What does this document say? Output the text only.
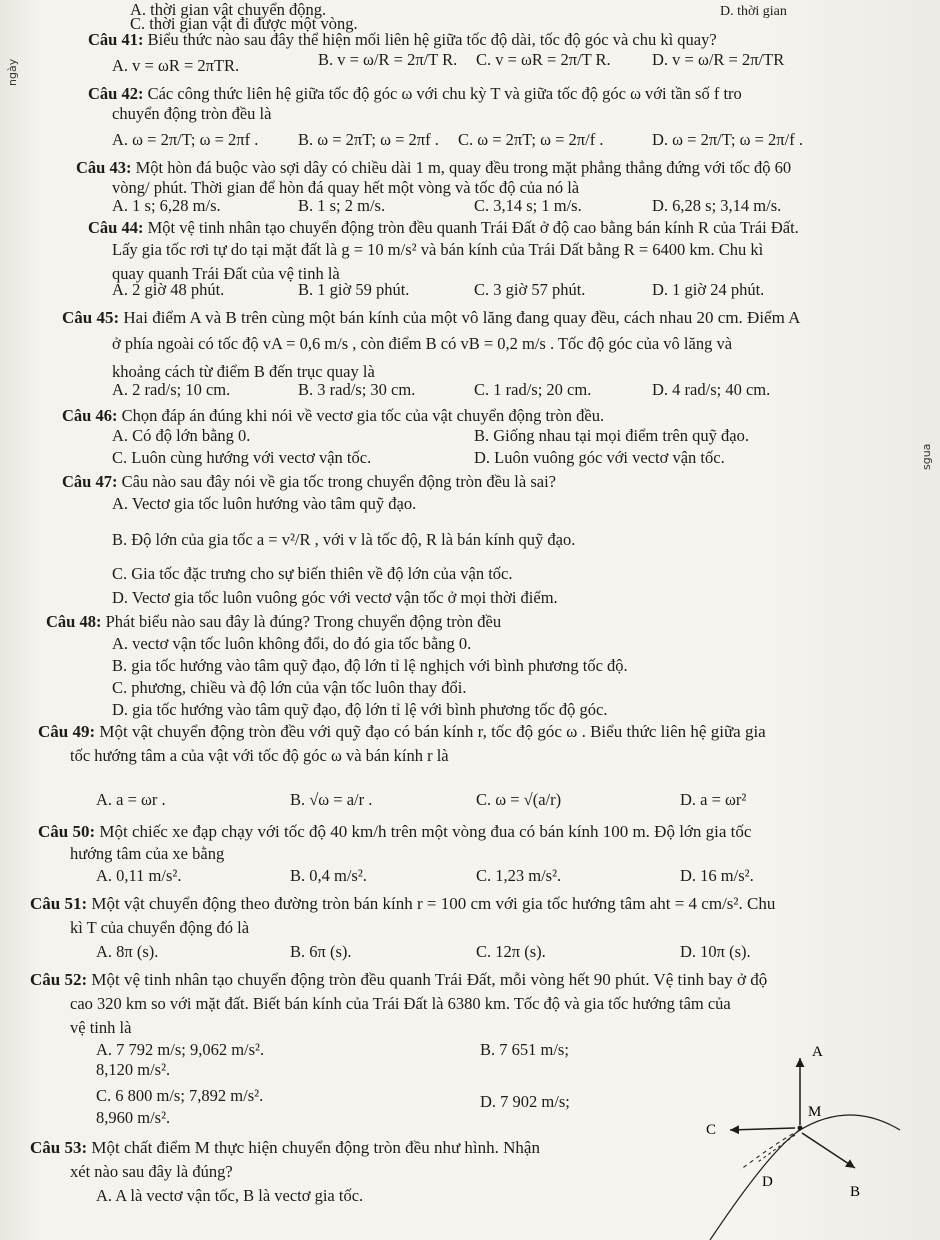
A. thời gian vật chuyển động.	D. thời gian
C. thời gian vật đi được một vòng.
Câu 41: Biểu thức nào sau đây thể hiện mối liên hệ giữa tốc độ dài, tốc độ góc và chu kì quay?
A. v = ωR = 2πTR.	B. v = ω/R = 2π/T R. C. v = ωR = 2π/T R.	D. v = ω/R = 2π/TR
Câu 42: Các công thức liên hệ giữa tốc độ góc ω với chu kỳ T và giữa tốc độ góc ω với tần số f tro
chuyển động tròn đều là
A. ω = 2π/T; ω = 2πf . B. ω = 2πT; ω = 2πf . C. ω = 2πT; ω = 2π/f .	D. ω = 2π/T; ω = 2π/f .
Câu 43: Một hòn đá buộc vào sợi dây có chiều dài 1 m, quay đều trong mặt phẳng thẳng đứng với tốc độ 60
vòng/ phút. Thời gian để hòn đá quay hết một vòng và tốc độ của nó là
A. 1 s; 6,28 m/s.	B. 1 s; 2 m/s.	C. 3,14 s; 1 m/s.	D. 6,28 s; 3,14 m/s.
Câu 44: Một vệ tinh nhân tạo chuyển động tròn đều quanh Trái Đất ở độ cao bằng bán kính R của Trái Đất.
Lấy gia tốc rơi tự do tại mặt đất là g = 10 m/s² và bán kính của Trái Dất bằng R = 6400 km. Chu kì
quay quanh Trái Đất của vệ tinh là
A. 2 giờ 48 phút.	B. 1 giờ 59 phút.	C. 3 giờ 57 phút.	D. 1 giờ 24 phút.
Câu 45: Hai điểm A và B trên cùng một bán kính của một vô lăng đang quay đều, cách nhau 20 cm. Điểm A
ở phía ngoài có tốc độ vA = 0,6 m/s , còn điểm B có vB = 0,2 m/s . Tốc độ góc của vô lăng và
khoảng cách từ điểm B đến trục quay là
A. 2 rad/s; 10 cm.	B. 3 rad/s; 30 cm.	C. 1 rad/s; 20 cm.	D. 4 rad/s; 40 cm.
Câu 46: Chọn đáp án đúng khi nói về vectơ gia tốc của vật chuyển động tròn đều.
A. Có độ lớn bằng 0.	B. Giống nhau tại mọi điểm trên quỹ đạo.
C. Luôn cùng hướng với vectơ vận tốc.	D. Luôn vuông góc với vectơ vận tốc.
Câu 47: Câu nào sau đây nói về gia tốc trong chuyển động tròn đều là sai?
A. Vectơ gia tốc luôn hướng vào tâm quỹ đạo.
B. Độ lớn của gia tốc a = v²/R , với v là tốc độ, R là bán kính quỹ đạo.
C. Gia tốc đặc trưng cho sự biến thiên về độ lớn của vận tốc.
D. Vectơ gia tốc luôn vuông góc với vectơ vận tốc ở mọi thời điểm.
Câu 48: Phát biểu nào sau đây là đúng? Trong chuyển động tròn đều
A. vectơ vận tốc luôn không đổi, do đó gia tốc bằng 0.
B. gia tốc hướng vào tâm quỹ đạo, độ lớn tỉ lệ nghịch với bình phương tốc độ.
C. phương, chiều và độ lớn của vận tốc luôn thay đổi.
D. gia tốc hướng vào tâm quỹ đạo, độ lớn tỉ lệ với bình phương tốc độ góc.
Câu 49: Một vật chuyển động tròn đều với quỹ đạo có bán kính r, tốc độ góc ω . Biểu thức liên hệ giữa gia
tốc hướng tâm a của vật với tốc độ góc ω và bán kính r là
A. a = ωr .	B. √ω = a/r .	C. ω = √(a/r)	D. a = ωr²
Câu 50: Một chiếc xe đạp chạy với tốc độ 40 km/h trên một vòng đua có bán kính 100 m. Độ lớn gia tốc
hướng tâm của xe bằng
A. 0,11 m/s².	B. 0,4 m/s².	C. 1,23 m/s².	D. 16 m/s².
Câu 51: Một vật chuyển động theo đường tròn bán kính r = 100 cm với gia tốc hướng tâm aht = 4 cm/s². Chu
kì T của chuyển động đó là
A. 8π (s).	B. 6π (s).	C. 12π (s).	D. 10π (s).
Câu 52: Một vệ tinh nhân tạo chuyển động tròn đều quanh Trái Đất, mỗi vòng hết 90 phút. Vệ tinh bay ở độ
cao 320 km so với mặt đất. Biết bán kính của Trái Đất là 6380 km. Tốc độ và gia tốc hướng tâm của
vệ tinh là
A. 7 792 m/s; 9,062 m/s².	B. 7 651 m/s;
8,120 m/s².
C. 6 800 m/s; 7,892 m/s².	D. 7 902 m/s;
8,960 m/s².
Câu 53: Một chất điểm M thực hiện chuyển động tròn đều như hình. Nhận
xét nào sau đây là đúng?
A. A là vectơ vận tốc, B là vectơ gia tốc.
A
M
C
D
B
ngày
sgua
